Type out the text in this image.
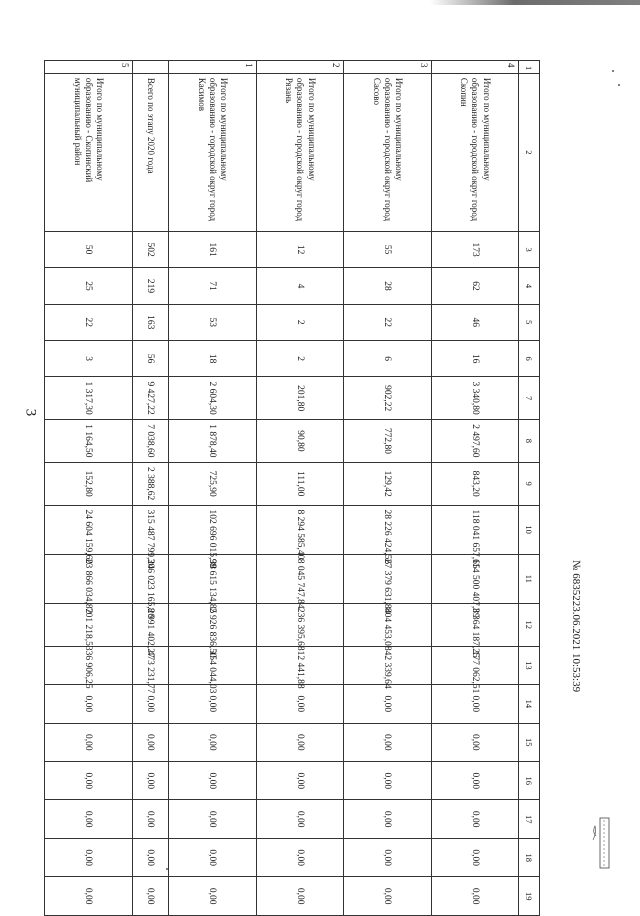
3
1	2	3	4	5	6	7	8	9	10	11	12	13	14	15	16	17	18	19
4	Итого по муниципальному образованию - городской округ город Скопин	173	62	46	16	3 340,80	2 497,60	843,20	118 041 657,65	114 500 407,89	3 364 187,25	177 062,51	0,00	0,00	0,00	0,00	0,00	0,00
3	Итого по муниципальному образованию - городской округ город Сасово	55	28	22	6	902,22	772,80	129,42	28 226 424,56	27 379 631,84	804 453,08	42 339,64	0,00	0,00	0,00	0,00	0,00	0,00
2	Итого по муниципальному образованию - городской округ город Рязань	12	4	2	2	201,80	90,80	111,00	8 294 585,40	8 045 747,84	236 395,68	12 441,88	0,00	0,00	0,00	0,00	0,00	0,00
1	Итого по муниципальному образованию - городской округ город Касимов	161	71	53	18	2 604,30	1 878,40	725,90	102 696 015,38	99 615 134,85	2 926 836,50	154 044,03	0,00	0,00	0,00	0,00	0,00	0,00
	Всего по этапу 2020 года	502	219	163	56	9 427,22	7 038,60	2 388,62	315 487 799,24	306 023 165,20	8 991 402,27	473 231,77	0,00	0,00	0,00	0,00	0,00	0,00
5	Итого по муниципальному образованию - Скопинский муниципальный район	50	25	22	3	1 317,30	1 164,50	152,80	24 604 159,60	23 866 034,82	701 218,53	36 906,25	0,00	0,00	0,00	0,00	0,00	0,00
№ 6835223.06.2021 10:53:39
